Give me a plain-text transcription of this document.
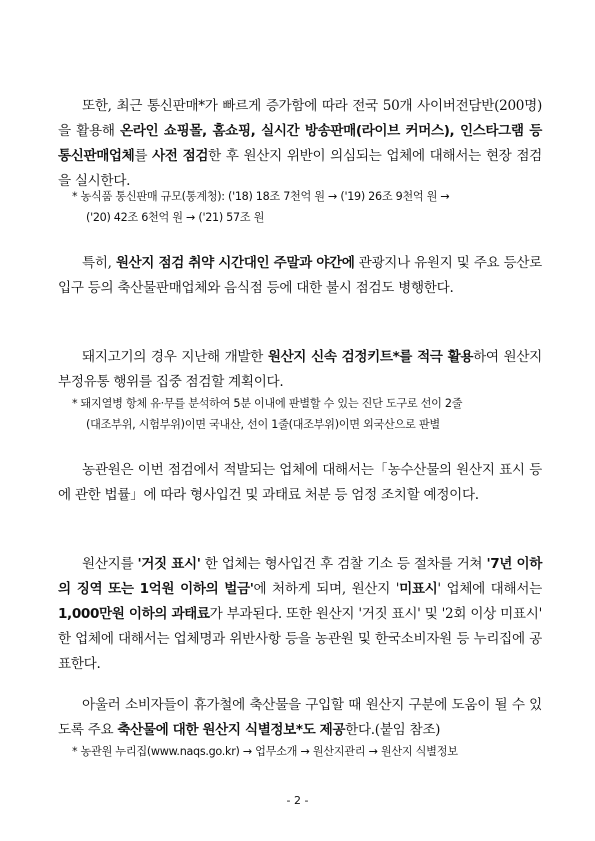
또한, 최근 통신판매*가 빠르게 증가함에 따라 전국 50개 사이버전담반(200명)을 활용해 온라인 쇼핑몰, 홈쇼핑, 실시간 방송판매(라이브 커머스), 인스타그램 등 통신판매업체를 사전 점검한 후 원산지 위반이 의심되는 업체에 대해서는 현장 점검을 실시한다.
* 농식품 통신판매 규모(통계청): ('18) 18조 7천억 원 → ('19) 26조 9천억 원 →
('20) 42조 6천억 원 → ('21) 57조 원
특히, 원산지 점검 취약 시간대인 주말과 야간에 관광지나 유원지 및 주요 등산로 입구 등의 축산물판매업체와 음식점 등에 대한 불시 점검도 병행한다.
돼지고기의 경우 지난해 개발한 원산지 신속 검정키트*를 적극 활용하여 원산지 부정유통 행위를 집중 점검할 계획이다.
* 돼지열병 항체 유·무를 분석하여 5분 이내에 판별할 수 있는 진단 도구로 선이 2줄
(대조부위, 시험부위)이면 국내산, 선이 1줄(대조부위)이면 외국산으로 판별
농관원은 이번 점검에서 적발되는 업체에 대해서는「농수산물의 원산지 표시 등에 관한 법률」에 따라 형사입건 및 과태료 처분 등 엄정 조치할 예정이다.
원산지를 '거짓 표시' 한 업체는 형사입건 후 검찰 기소 등 절차를 거쳐 '7년 이하의 징역 또는 1억원 이하의 벌금'에 처하게 되며, 원산지 '미표시' 업체에 대해서는 1,000만원 이하의 과태료가 부과된다. 또한 원산지 '거짓 표시' 및 '2회 이상 미표시' 한 업체에 대해서는 업체명과 위반사항 등을 농관원 및 한국소비자원 등 누리집에 공표한다.
아울러 소비자들이 휴가철에 축산물을 구입할 때 원산지 구분에 도움이 될 수 있도록 주요 축산물에 대한 원산지 식별정보*도 제공한다.(붙임 참조)
* 농관원 누리집(www.naqs.go.kr) → 업무소개 → 원산지관리 → 원산지 식별정보
- 2 -
